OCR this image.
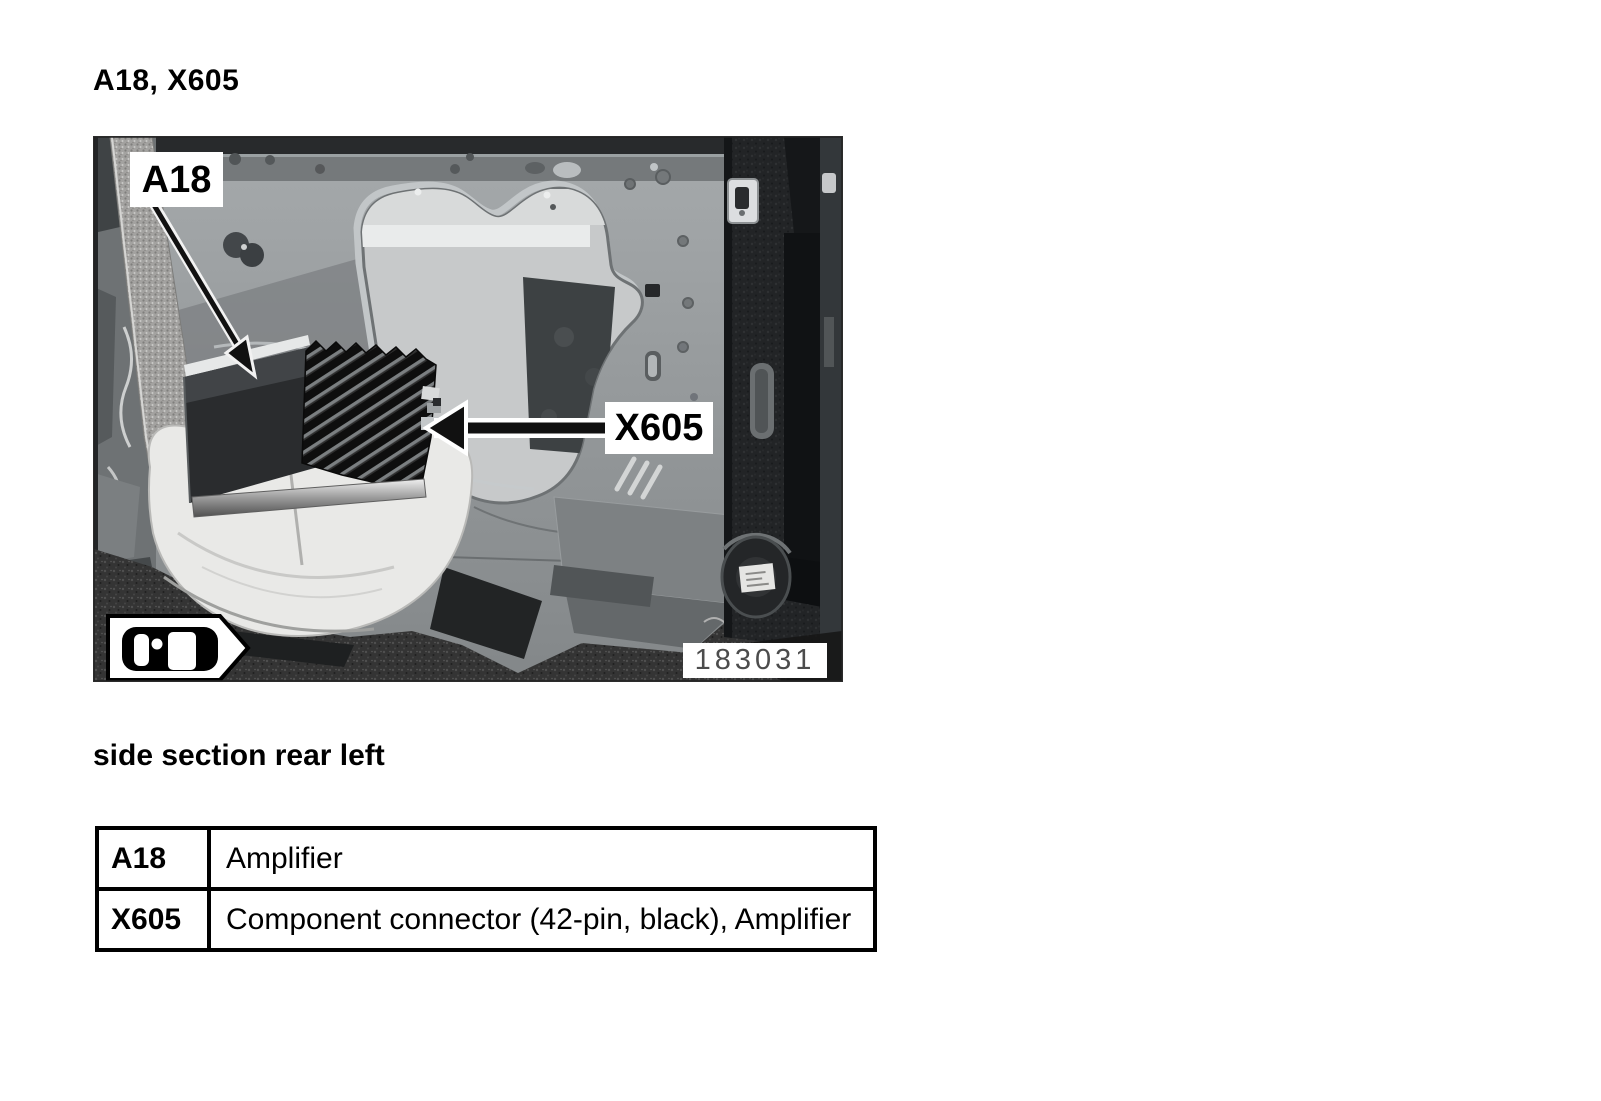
A18, X605
A18
X605
183031
side section rear left
A18	Amplifier
X605	Component connector (42-pin, black), Amplifier
